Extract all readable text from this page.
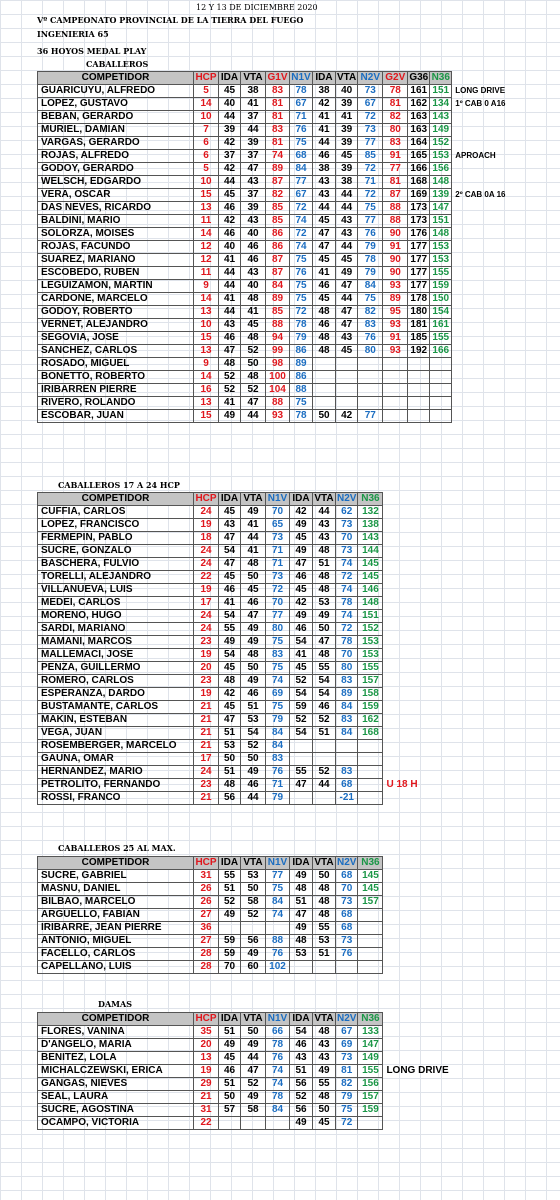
12 Y 13 DE DICIEMBRE 2020
Vº CAMPEONATO PROVINCIAL DE LA TIERRA DEL FUEGO
INGENIERIA 65
36 HOYOS MEDAL PLAY
CABALLEROS
COMPETIDOR	HCP	IDA	VTA	G1V	N1V	IDA	VTA	N2V	G2V	G36	N36	
GUARICUYU, ALFREDO	5	45	38	83	78	38	40	73	78	161	151	LONG DRIVE
LOPEZ, GUSTAVO	14	40	41	81	67	42	39	67	81	162	134	1º CAB 0 A16
BEBAN, GERARDO	10	44	37	81	71	41	41	72	82	163	143	
MURIEL, DAMIAN	7	39	44	83	76	41	39	73	80	163	149	
VARGAS, GERARDO	6	42	39	81	75	44	39	77	83	164	152	
ROJAS, ALFREDO	6	37	37	74	68	46	45	85	91	165	153	APROACH
GODOY, GERARDO	5	42	47	89	84	38	39	72	77	166	156	
WELSCH, EDGARDO	10	44	43	87	77	43	38	71	81	168	148	
VERA, OSCAR	15	45	37	82	67	43	44	72	87	169	139	2º CAB 0A 16
DAS NEVES, RICARDO	13	46	39	85	72	44	44	75	88	173	147	
BALDINI, MARIO	11	42	43	85	74	45	43	77	88	173	151	
SOLORZA, MOISES	14	46	40	86	72	47	43	76	90	176	148	
ROJAS, FACUNDO	12	40	46	86	74	47	44	79	91	177	153	
SUAREZ, MARIANO	12	41	46	87	75	45	45	78	90	177	153	
ESCOBEDO, RUBEN	11	44	43	87	76	41	49	79	90	177	155	
LEGUIZAMON, MARTIN	9	44	40	84	75	46	47	84	93	177	159	
CARDONE, MARCELO	14	41	48	89	75	45	44	75	89	178	150	
GODOY, ROBERTO	13	44	41	85	72	48	47	82	95	180	154	
VERNET, ALEJANDRO	10	43	45	88	78	46	47	83	93	181	161	
SEGOVIA, JOSE	15	46	48	94	79	48	43	76	91	185	155	
SANCHEZ, CARLOS	13	47	52	99	86	48	45	80	93	192	166	
ROSADO, MIGUEL	9	48	50	98	89							
BONETTO, ROBERTO	14	52	48	100	86							
IRIBARREN PIERRE	16	52	52	104	88							
RIVERO, ROLANDO	13	41	47	88	75							
ESCOBAR, JUAN	15	49	44	93	78	50	42	77				
CABALLEROS 17 A 24 HCP
COMPETIDOR	HCP	IDA	VTA	N1V	IDA	VTA	N2V	N36	
CUFFIA, CARLOS	24	45	49	70	42	44	62	132	
LOPEZ, FRANCISCO	19	43	41	65	49	43	73	138	
FERMEPIN, PABLO	18	47	44	73	45	43	70	143	
SUCRE, GONZALO	24	54	41	71	49	48	73	144	
BASCHERA, FULVIO	24	47	48	71	47	51	74	145	
TORELLI, ALEJANDRO	22	45	50	73	46	48	72	145	
VILLANUEVA, LUIS	19	46	45	72	45	48	74	146	
MEDEI, CARLOS	17	41	46	70	42	53	78	148	
MORENO, HUGO	24	54	47	77	49	49	74	151	
SARDI, MARIANO	24	55	49	80	46	50	72	152	
MAMANI, MARCOS	23	49	49	75	54	47	78	153	
MALLEMACI, JOSE	19	54	48	83	41	48	70	153	
PENZA, GUILLERMO	20	45	50	75	45	55	80	155	
ROMERO, CARLOS	23	48	49	74	52	54	83	157	
ESPERANZA, DARDO	19	42	46	69	54	54	89	158	
BUSTAMANTE, CARLOS	21	45	51	75	59	46	84	159	
MAKIN, ESTEBAN	21	47	53	79	52	52	83	162	
VEGA, JUAN	21	51	54	84	54	51	84	168	
ROSEMBERGER, MARCELO	21	53	52	84					
GAUNA, OMAR	17	50	50	83					
HERNANDEZ, MARIO	24	51	49	76	55	52	83		
PETROLITO, FERNANDO	23	48	46	71	47	44	68		U 18 H
ROSSI, FRANCO	21	56	44	79			-21		
CABALLEROS 25 AL MAX.
COMPETIDOR	HCP	IDA	VTA	N1V	IDA	VTA	N2V	N36	
SUCRE, GABRIEL	31	55	53	77	49	50	68	145	
MASNU, DANIEL	26	51	50	75	48	48	70	145	
BILBAO, MARCELO	26	52	58	84	51	48	73	157	
ARGÜELLO, FABIAN	27	49	52	74	47	48	68		
IRIBARRE, JEAN PIERRE	36				49	55	68		
ANTONIO, MIGUEL	27	59	56	88	48	53	73		
FACELLO, CARLOS	28	59	49	76	53	51	76		
CAPELLANO, LUIS	28	70	60	102					
DAMAS
COMPETIDOR	HCP	IDA	VTA	N1V	IDA	VTA	N2V	N36	
FLORES, VANINA	35	51	50	66	54	48	67	133	
D'ANGELO, MARIA	20	49	49	78	46	43	69	147	
BENITEZ, LOLA	13	45	44	76	43	43	73	149	
MICHALCZEWSKI, ERICA	19	46	47	74	51	49	81	155	LONG DRIVE
GANGAS, NIEVES	29	51	52	74	56	55	82	156	
SEAL, LAURA	21	50	49	78	52	48	79	157	
SUCRE, AGOSTINA	31	57	58	84	56	50	75	159	
OCAMPO, VICTORIA	22				49	45	72		
